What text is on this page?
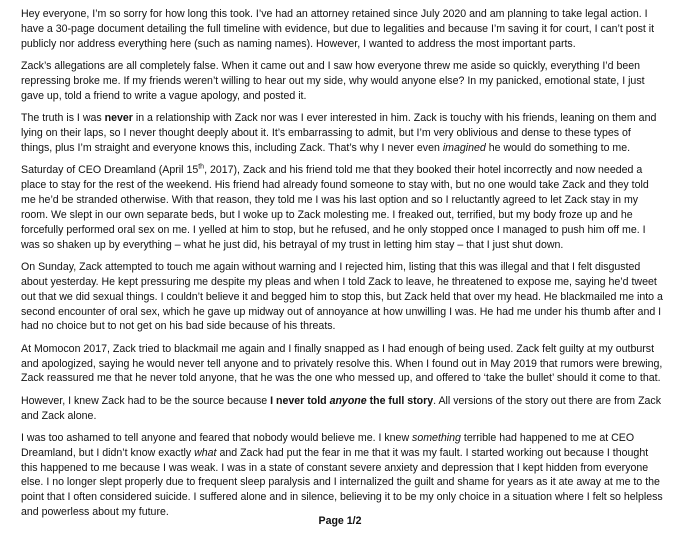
Hey everyone, I’m so sorry for how long this took. I’ve had an attorney retained since July 2020 and am planning to take legal action. I have a 30-page document detailing the full timeline with evidence, but due to legalities and because I’m saving it for court, I can’t post it publicly nor address everything here (such as naming names). However, I wanted to address the most important parts.

Zack’s allegations are all completely false. When it came out and I saw how everyone threw me aside so quickly, everything I’d been repressing broke me. If my friends weren’t willing to hear out my side, why would anyone else? In my panicked, emotional state, I just gave up, told a friend to write a vague apology, and posted it.

The truth is I was never in a relationship with Zack nor was I ever interested in him. Zack is touchy with his friends, leaning on them and lying on their laps, so I never thought deeply about it. It’s embarrassing to admit, but I’m very oblivious and dense to these types of things, plus I’m straight and everyone knows this, including Zack. That’s why I never even imagined he would do something to me.

Saturday of CEO Dreamland (April 15th, 2017), Zack and his friend told me that they booked their hotel incorrectly and now needed a place to stay for the rest of the weekend. His friend had already found someone to stay with, but no one would take Zack and they told me he’d be stranded otherwise. With that reason, they told me I was his last option and so I reluctantly agreed to let Zack stay in my room. We slept in our own separate beds, but I woke up to Zack molesting me. I freaked out, terrified, but my body froze up and he forcefully performed oral sex on me. I yelled at him to stop, but he refused, and he only stopped once I managed to push him off me. I was so shaken up by everything – what he just did, his betrayal of my trust in letting him stay – that I just shut down.

On Sunday, Zack attempted to touch me again without warning and I rejected him, listing that this was illegal and that I felt disgusted about yesterday. He kept pressuring me despite my pleas and when I told Zack to leave, he threatened to expose me, saying he’d tweet out that we did sexual things. I couldn’t believe it and begged him to stop this, but Zack held that over my head. He blackmailed me into a second encounter of oral sex, which he gave up midway out of annoyance at how unwilling I was. He had me under his thumb after and I had no choice but to not get on his bad side because of his threats.

At Momocon 2017, Zack tried to blackmail me again and I finally snapped as I had enough of being used. Zack felt guilty at my outburst and apologized, saying he would never tell anyone and to privately resolve this. When I found out in May 2019 that rumors were brewing, Zack reassured me that he never told anyone, that he was the one who messed up, and offered to ‘take the bullet’ should it come to that.

However, I knew Zack had to be the source because I never told anyone the full story. All versions of the story out there are from Zack and Zack alone.

I was too ashamed to tell anyone and feared that nobody would believe me. I knew something terrible had happened to me at CEO Dreamland, but I didn’t know exactly what and Zack had put the fear in me that it was my fault. I started working out because I thought this happened to me because I was weak. I was in a state of constant severe anxiety and depression that I kept hidden from everyone else. I no longer slept properly due to frequent sleep paralysis and I internalized the guilt and shame for years as it ate away at me to the point that I often considered suicide. I suffered alone and in silence, believing it to be my only choice in a situation where I felt so helpless and powerless about my future.

Page 1/2
